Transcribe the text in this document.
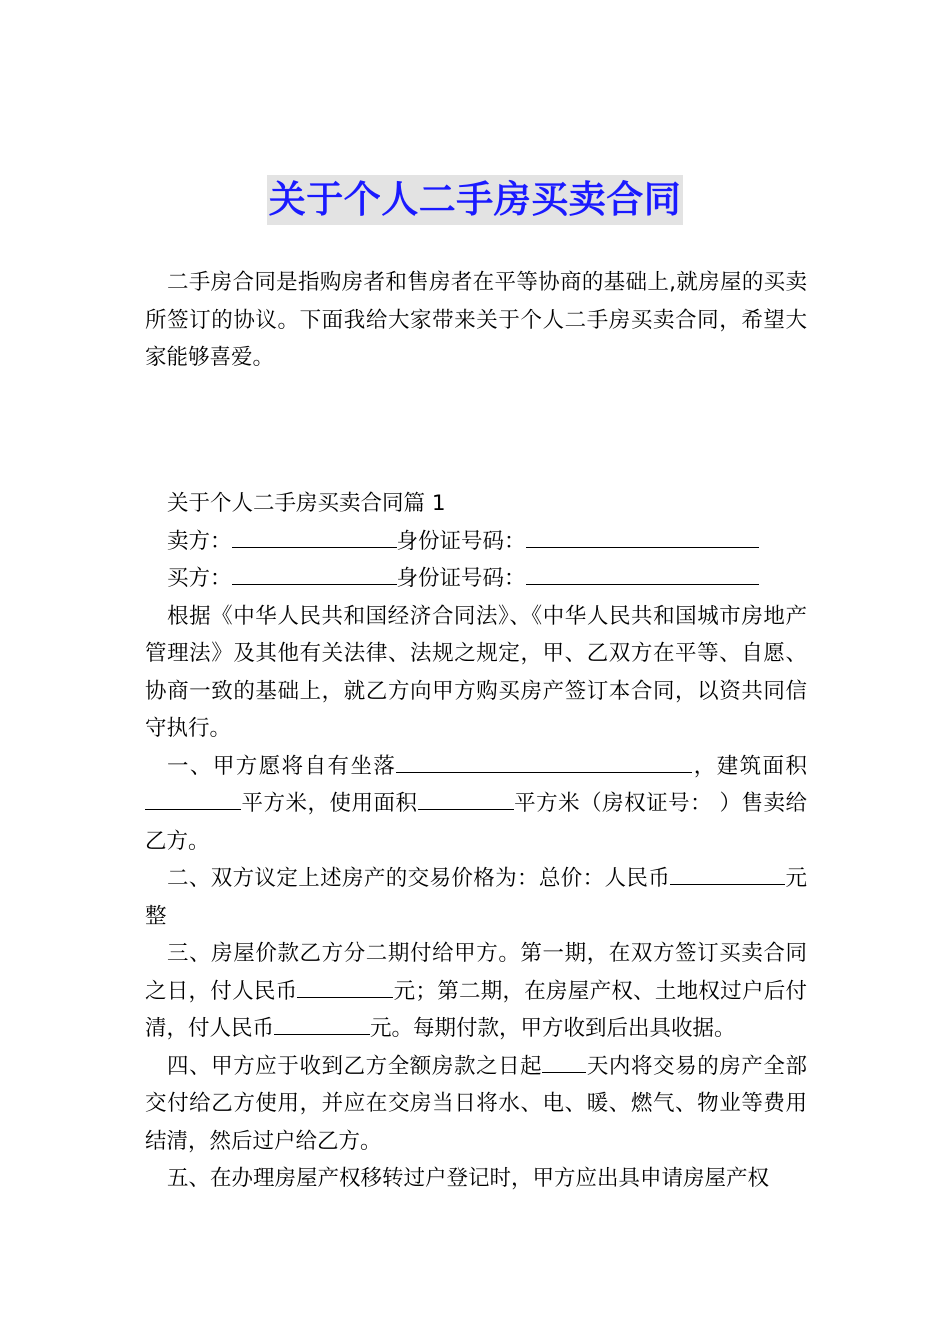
关于个人二手房买卖合同

二手房合同是指购房者和售房者在平等协商的基础上,就房屋的买卖所签订的协议。下面我给大家带来关于个人二手房买卖合同，希望大家能够喜爱。

关于个人二手房买卖合同篇 1

卖方：	身份证号码：

买方：	身份证号码：

根据《中华人民共和国经济合同法》、《中华人民共和国城市房地产管理法》及其他有关法律、法规之规定，甲、乙双方在平等、自愿、协商一致的基础上，就乙方向甲方购买房产签订本合同，以资共同信守执行。

一、甲方愿将自有坐落	，建筑面积平方米，使用面积	平方米（房权证号： ）售卖给乙方。

二、双方议定上述房产的交易价格为：总价：人民币	元整

三、房屋价款乙方分二期付给甲方。第一期，在双方签订买卖合同之日，付人民币	元；第二期，在房屋产权、土地权过户后付清，付人民币	元。每期付款，甲方收到后出具收据。

四、甲方应于收到乙方全额房款之日起 天内将交易的房产全部交付给乙方使用，并应在交房当日将水、电、暖、燃气、物业等费用结清，然后过户给乙方。

五、在办理房屋产权移转过户登记时，甲方应出具申请房屋产权
